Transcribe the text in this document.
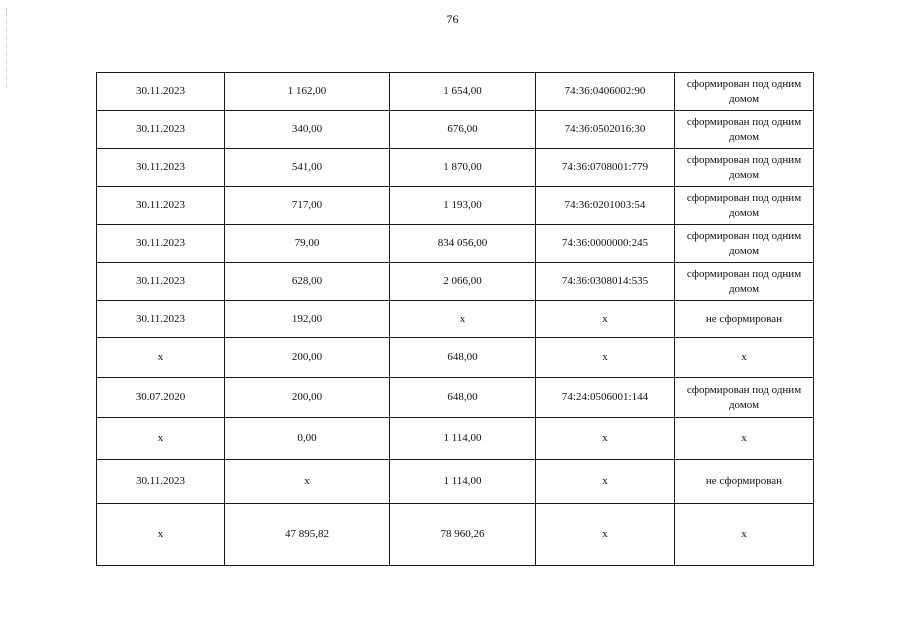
76
30.11.2023	1 162,00	1 654,00	74:36:0406002:90	сформирован под одним домом
30.11.2023	340,00	676,00	74:36:0502016:30	сформирован под одним домом
30.11.2023	541,00	1 870,00	74:36:0708001:779	сформирован под одним домом
30.11.2023	717,00	1 193,00	74:36:0201003:54	сформирован под одним домом
30.11.2023	79,00	834 056,00	74:36:0000000:245	сформирован под одним домом
30.11.2023	628,00	2 066,00	74:36:0308014:535	сформирован под одним домом
30.11.2023	192,00	х	х	не сформирован
х	200,00	648,00	х	х
30.07.2020	200,00	648,00	74:24:0506001:144	сформирован под одним домом
х	0,00	1 114,00	х	х
30.11.2023	х	1 114,00	х	не сформирован
х	47 895,82	78 960,26	х	х
